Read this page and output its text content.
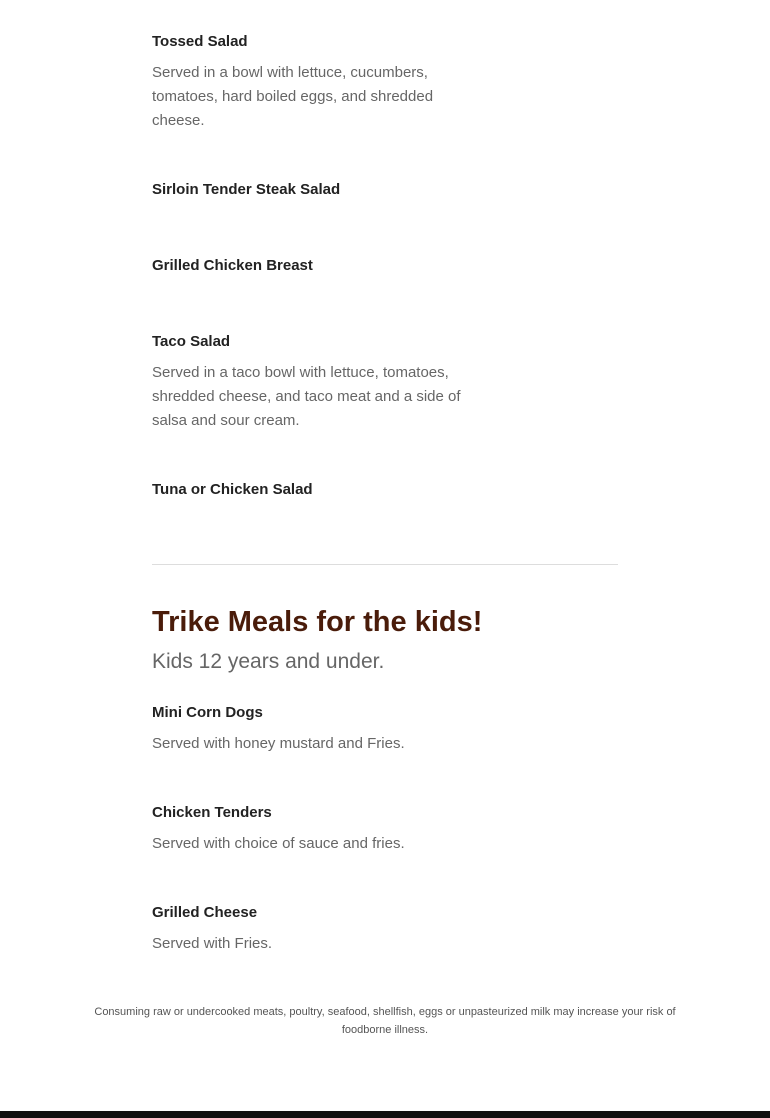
Tossed Salad
Served in a bowl with lettuce, cucumbers, tomatoes, hard boiled eggs, and shredded cheese.
Sirloin Tender Steak Salad
Grilled Chicken Breast
Taco Salad
Served in a taco bowl with lettuce, tomatoes, shredded cheese, and taco meat and a side of salsa and sour cream.
Tuna or Chicken Salad
Trike Meals for the kids!
Kids 12 years and under.
Mini Corn Dogs
Served with honey mustard and Fries.
Chicken Tenders
Served with choice of sauce and fries.
Grilled Cheese
Served with Fries.

Consuming raw or undercooked meats, poultry, seafood, shellfish, eggs or unpasteurized milk may increase your risk of foodborne illness.
